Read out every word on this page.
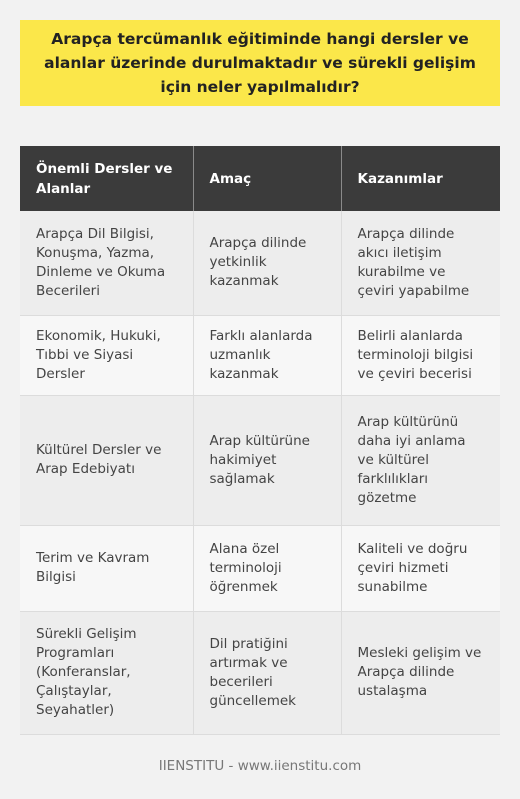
Arapça tercümanlık eğitiminde hangi dersler ve alanlar üzerinde durulmaktadır ve sürekli gelişim için neler yapılmalıdır?
Önemli Dersler ve Alanlar	Amaç	Kazanımlar
Arapça Dil Bilgisi, Konuşma, Yazma, Dinleme ve Okuma Becerileri	Arapça dilinde yetkinlik kazanmak	Arapça dilinde akıcı iletişim kurabilme ve çeviri yapabilme
Ekonomik, Hukuki, Tıbbi ve Siyasi Dersler	Farklı alanlarda uzmanlık kazanmak	Belirli alanlarda terminoloji bilgisi ve çeviri becerisi
Kültürel Dersler ve Arap Edebiyatı	Arap kültürüne hakimiyet sağlamak	Arap kültürünü daha iyi anlama ve kültürel farklılıkları gözetme
Terim ve Kavram Bilgisi	Alana özel terminoloji öğrenmek	Kaliteli ve doğru çeviri hizmeti sunabilme
Sürekli Gelişim Programları (Konferanslar, Çalıştaylar, Seyahatler)	Dil pratiğini artırmak ve becerileri güncellemek	Mesleki gelişim ve Arapça dilinde ustalaşma
IIENSTITU - www.iienstitu.com
